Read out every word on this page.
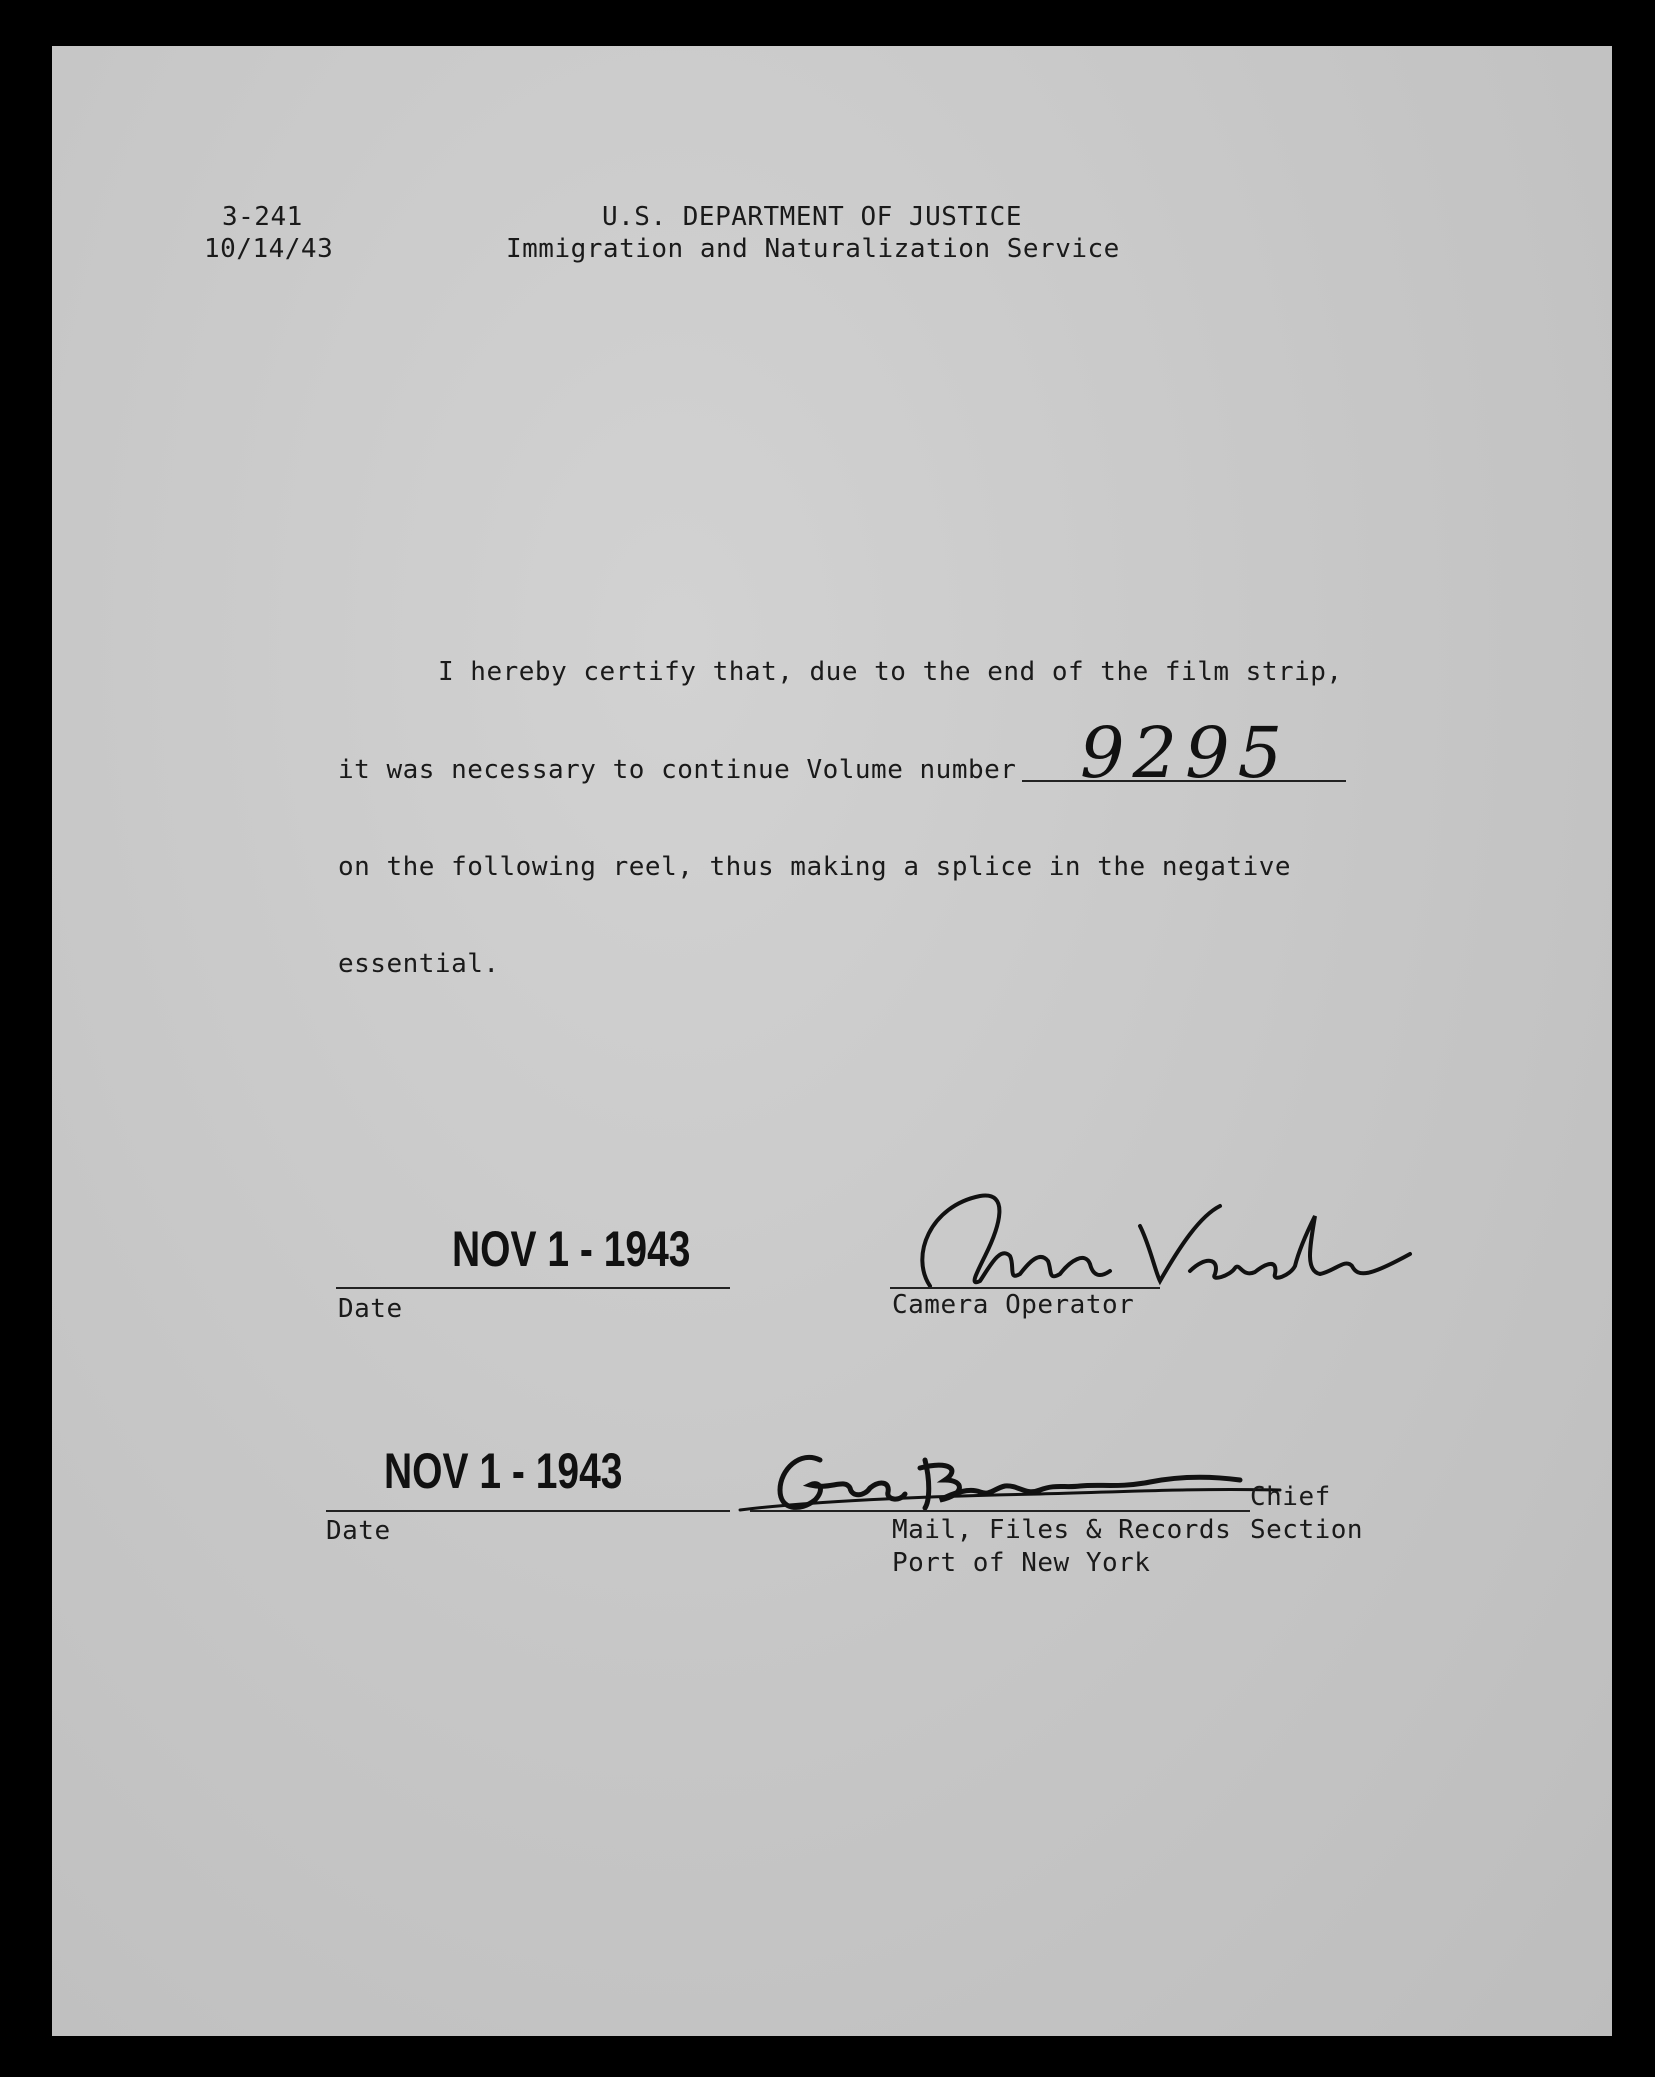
3-241
10/14/43
U.S. DEPARTMENT OF JUSTICE
Immigration and Naturalization Service
I hereby certify that, due to the end of the film strip,
it was necessary to continue Volume number 9295
on the following reel, thus making a splice in the negative
essential.
NOV 1 - 1943
Date	Camera Operator
NOV 1 - 1943
Date
Chief
Mail, Files & Records Section
Port of New York
